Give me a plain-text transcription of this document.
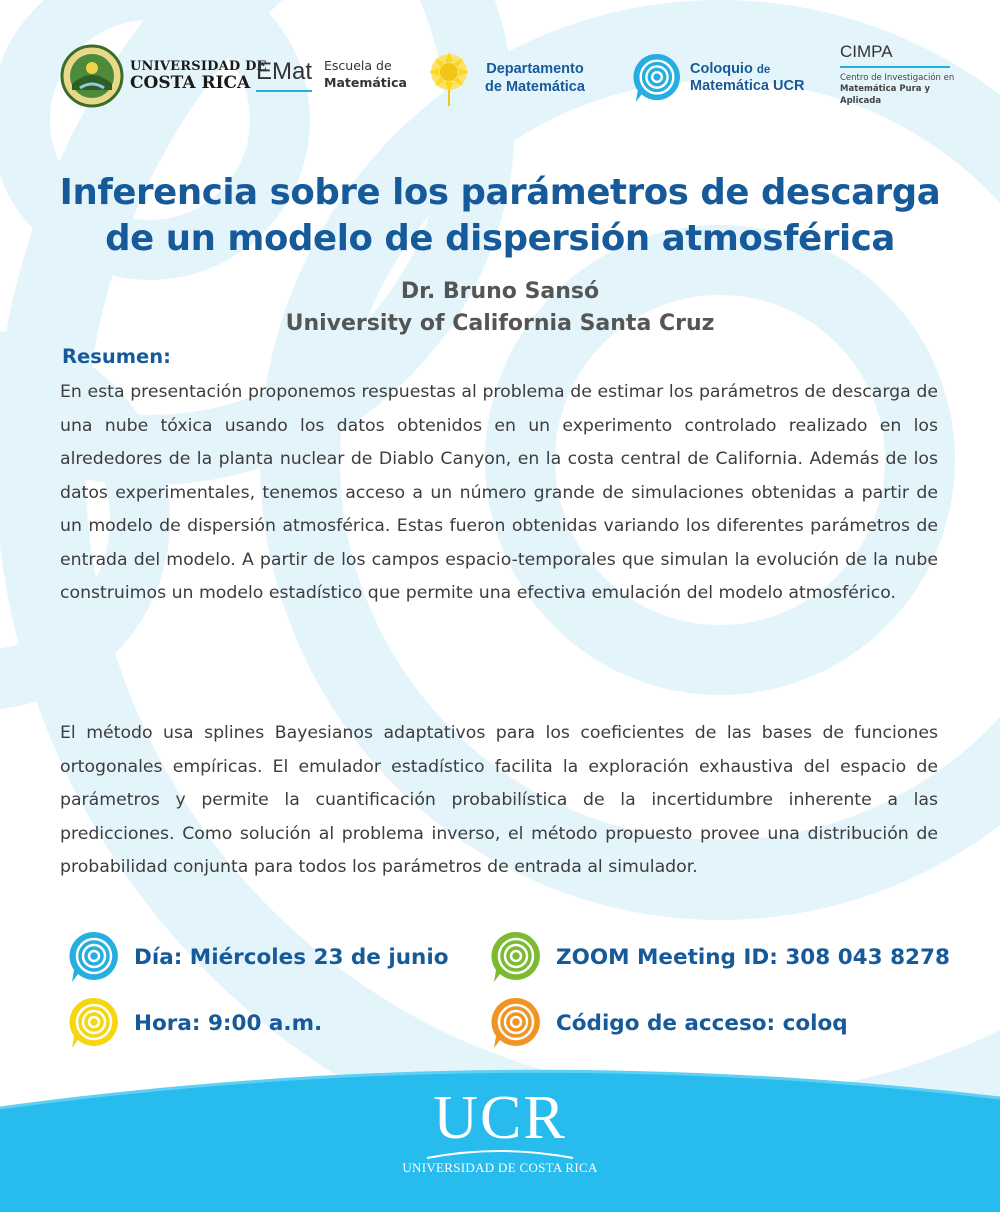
UNIVERSIDAD DE
COSTA RICA EMat Escuela de
Matemática
Departamento
de Matemática
Coloquio de
Matemática UCR
CIMPA
Centro de Investigación en
Matemática Pura y
Aplicada
Inferencia sobre los parámetros de descarga
de un modelo de dispersión atmosférica
Dr. Bruno Sansó
University of California Santa Cruz
Resumen:

En esta presentación proponemos respuestas al problema de estimar los parámetros de descarga de una nube tóxica usando los datos obtenidos en un experimento controlado realizado en los alrededores de la planta nuclear de Diablo Canyon, en la costa central de California. Además de los datos experimentales, tenemos acceso a un número grande de simulaciones obtenidas a partir de un modelo de dispersión atmosférica. Estas fueron obtenidas variando los diferentes parámetros de entrada del modelo. A partir de los campos espacio-temporales que simulan la evolución de la nube construimos un modelo estadístico que permite una efectiva emulación del modelo atmosférico.

El método usa splines Bayesianos adaptativos para los coeficientes de las bases de funciones ortogonales empíricas. El emulador estadístico facilita la exploración exhaustiva del espacio de parámetros y permite la cuantificación probabilística de la incertidumbre inherente a las predicciones. Como solución al problema inverso, el método propuesto provee una distribución de probabilidad conjunta para todos los parámetros de entrada al simulador.

Día: Miércoles 23 de junio
Hora: 9:00 a.m.
ZOOM Meeting ID: 308 043 8278
Código de acceso: coloq
UCR
UNIVERSIDAD DE COSTA RICA
